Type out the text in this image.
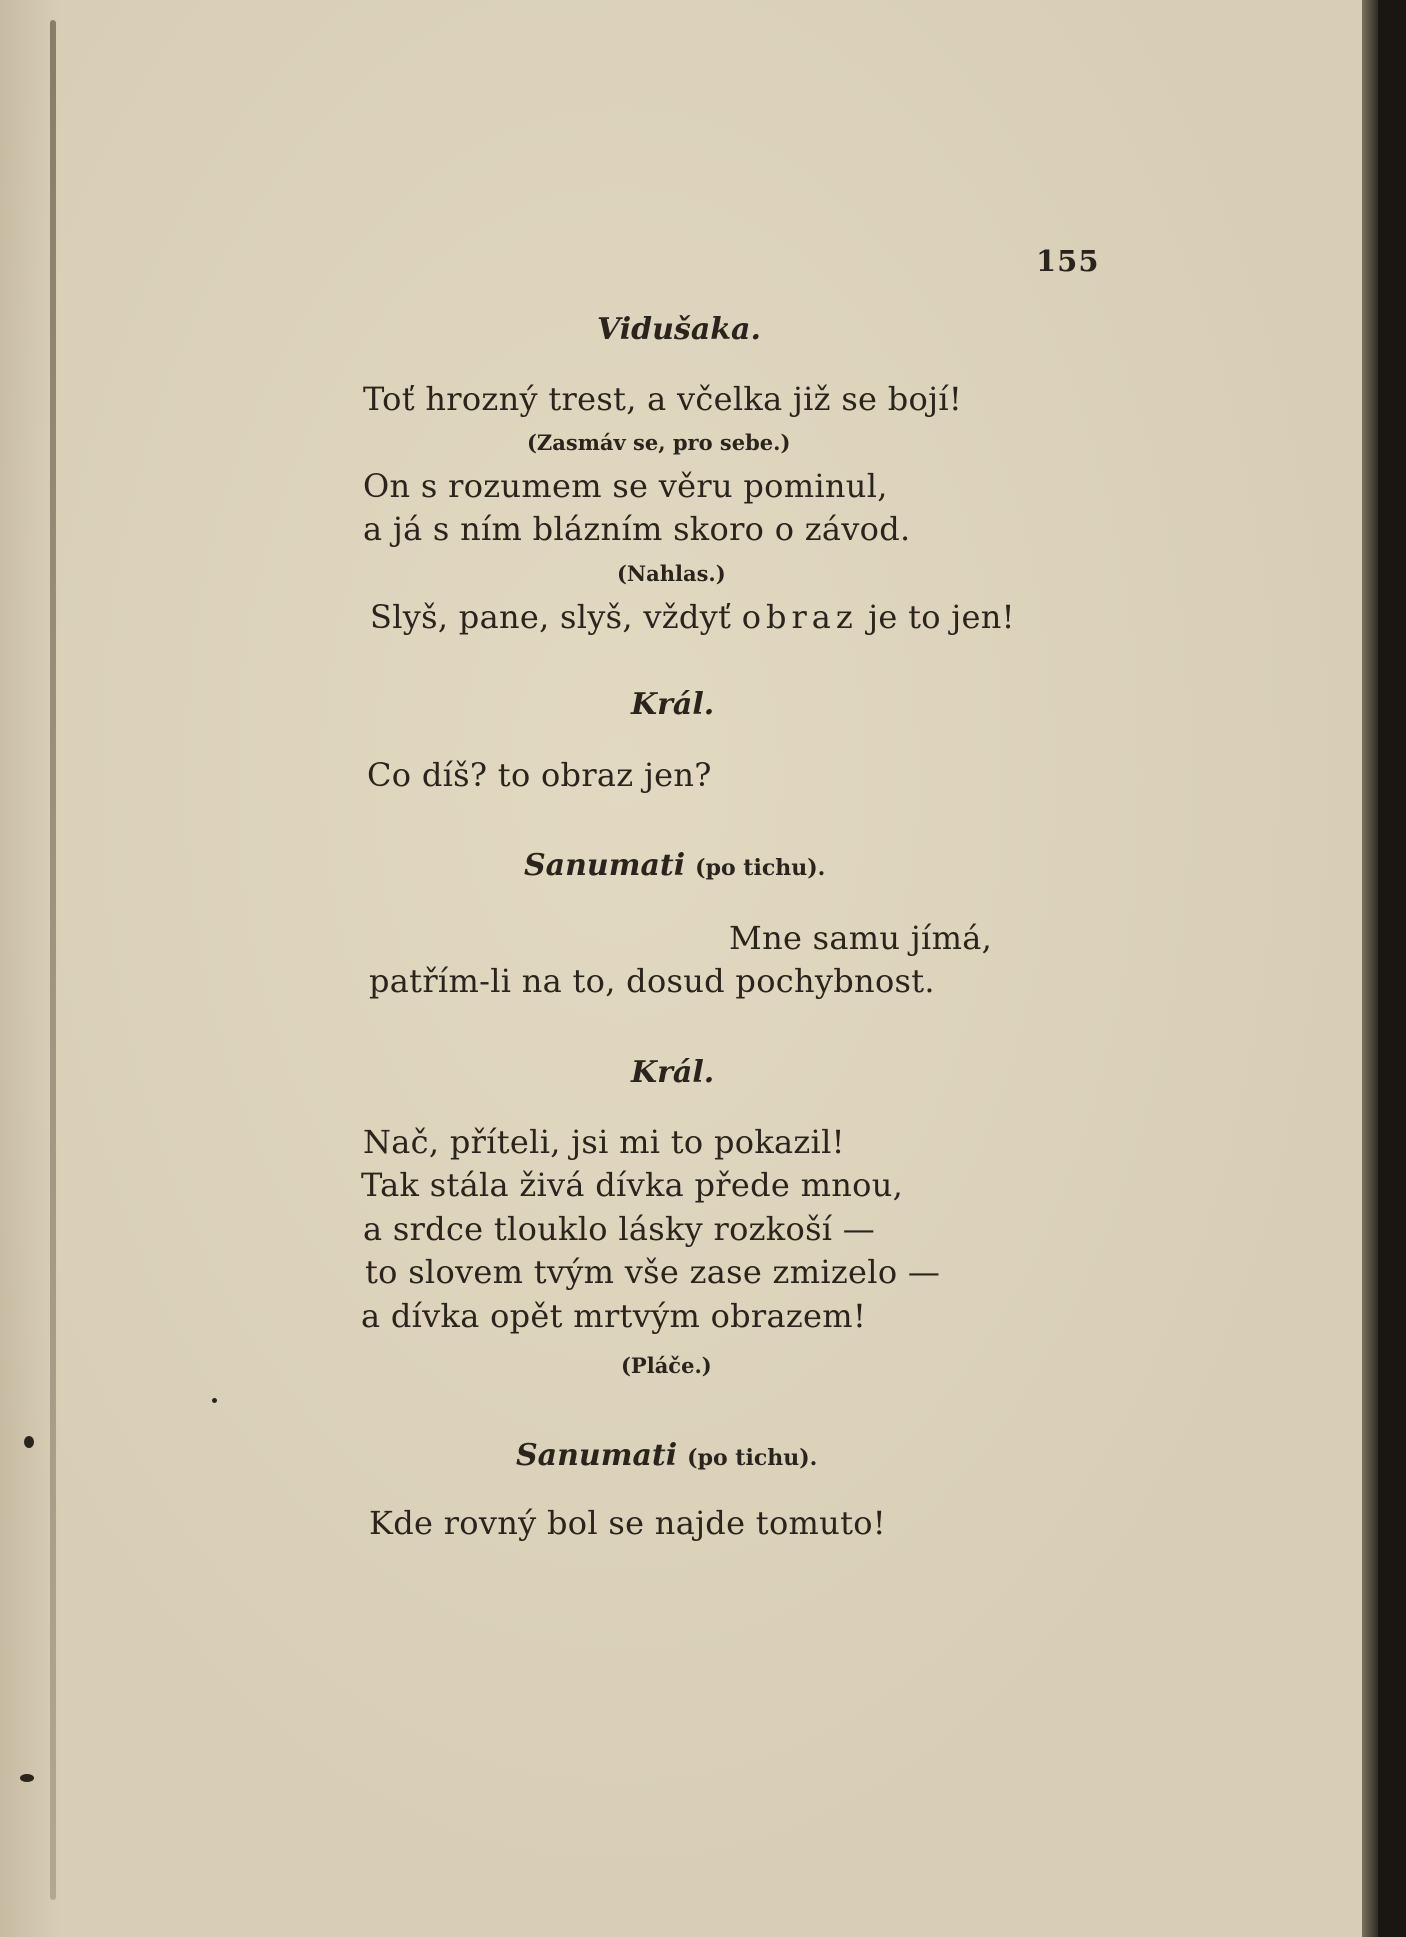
155
Vidušaka.
Toť hrozný trest, a včelka již se bojí!
(Zasmáv se, pro sebe.)
On s rozumem se věru pominul,
a já s ním blázním skoro o závod.
(Nahlas.)
Slyš, pane, slyš, vždyť obraz je to jen!
Král.
Co díš? to obraz jen?
Sanumati (po tichu).
Mne samu jímá,
patřím-li na to, dosud pochybnost.
Král.
Nač, příteli, jsi mi to pokazil!
Tak stála živá dívka přede mnou,
a srdce tlouklo lásky rozkoší —
to slovem tvým vše zase zmizelo —
a dívka opět mrtvým obrazem!
(Pláče.)
Sanumati (po tichu).
Kde rovný bol se najde tomuto!
